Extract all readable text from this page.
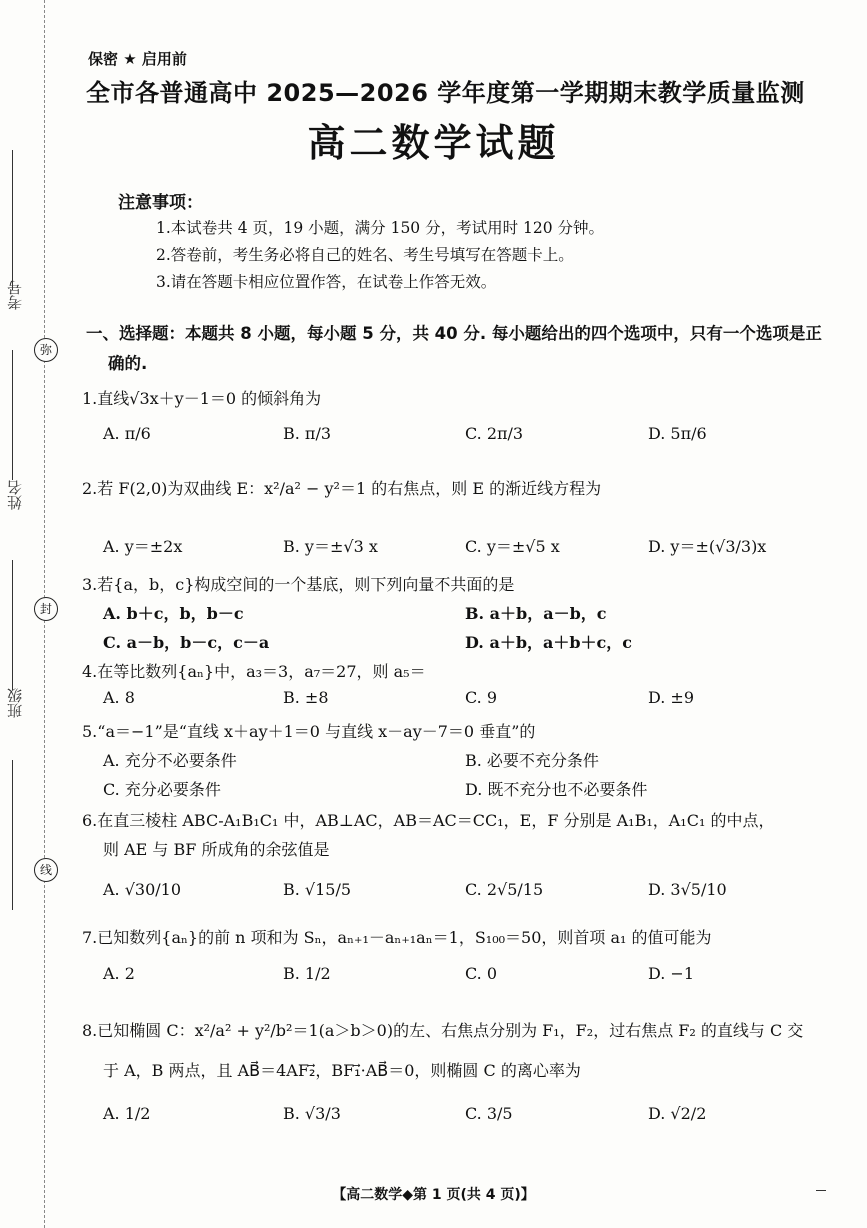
考号
姓名
班级
弥
封
线
保密 ★ 启用前
全市各普通高中 2025—2026 学年度第一学期期末教学质量监测
高二数学试题
注意事项：
1.本试卷共 4 页，19 小题，满分 150 分，考试用时 120 分钟。
2.答卷前，考生务必将自己的姓名、考生号填写在答题卡上。
3.请在答题卡相应位置作答，在试卷上作答无效。
一、选择题：本题共 8 小题，每小题 5 分，共 40 分. 每小题给出的四个选项中，只有一个选项是正
确的.
1.直线√3x＋y－1＝0 的倾斜角为
A. π/6	B. π/3	C. 2π/3	D. 5π/6
2.若 F(2,0)为双曲线 E：x²/a² − y²＝1 的右焦点，则 E 的渐近线方程为
A. y＝±2x	B. y＝±√3 x	C. y＝±√5 x	D. y＝±(√3/3)x
3.若{a，b，c}构成空间的一个基底，则下列向量不共面的是
A. b＋c，b，b－c	B. a＋b，a－b，c
C. a－b，b－c，c－a	D. a＋b，a＋b＋c，c
4.在等比数列{aₙ}中，a₃＝3，a₇＝27，则 a₅＝
A. 8	B. ±8	C. 9	D. ±9
5.“a＝−1”是“直线 x＋ay＋1＝0 与直线 x－ay－7＝0 垂直”的
A. 充分不必要条件	B. 必要不充分条件
C. 充分必要条件	D. 既不充分也不必要条件
6.在直三棱柱 ABC-A₁B₁C₁ 中，AB⊥AC，AB＝AC＝CC₁，E，F 分别是 A₁B₁，A₁C₁ 的中点，
则 AE 与 BF 所成角的余弦值是
A. √30/10	B. √15/5	C. 2√5/15	D. 3√5/10
7.已知数列{aₙ}的前 n 项和为 Sₙ，aₙ₊₁－aₙ₊₁aₙ＝1，S₁₀₀＝50，则首项 a₁ 的值可能为
A. 2	B. 1/2	C. 0	D. −1
8.已知椭圆 C：x²/a² + y²/b²＝1(a＞b＞0)的左、右焦点分别为 F₁，F₂，过右焦点 F₂ 的直线与 C 交
于 A，B 两点，且 AB⃗＝4AF₂⃗，BF₁⃗·AB⃗＝0，则椭圆 C 的离心率为
A. 1/2	B. √3/3	C. 3/5	D. √2/2
【高二数学◆第 1 页(共 4 页)】
